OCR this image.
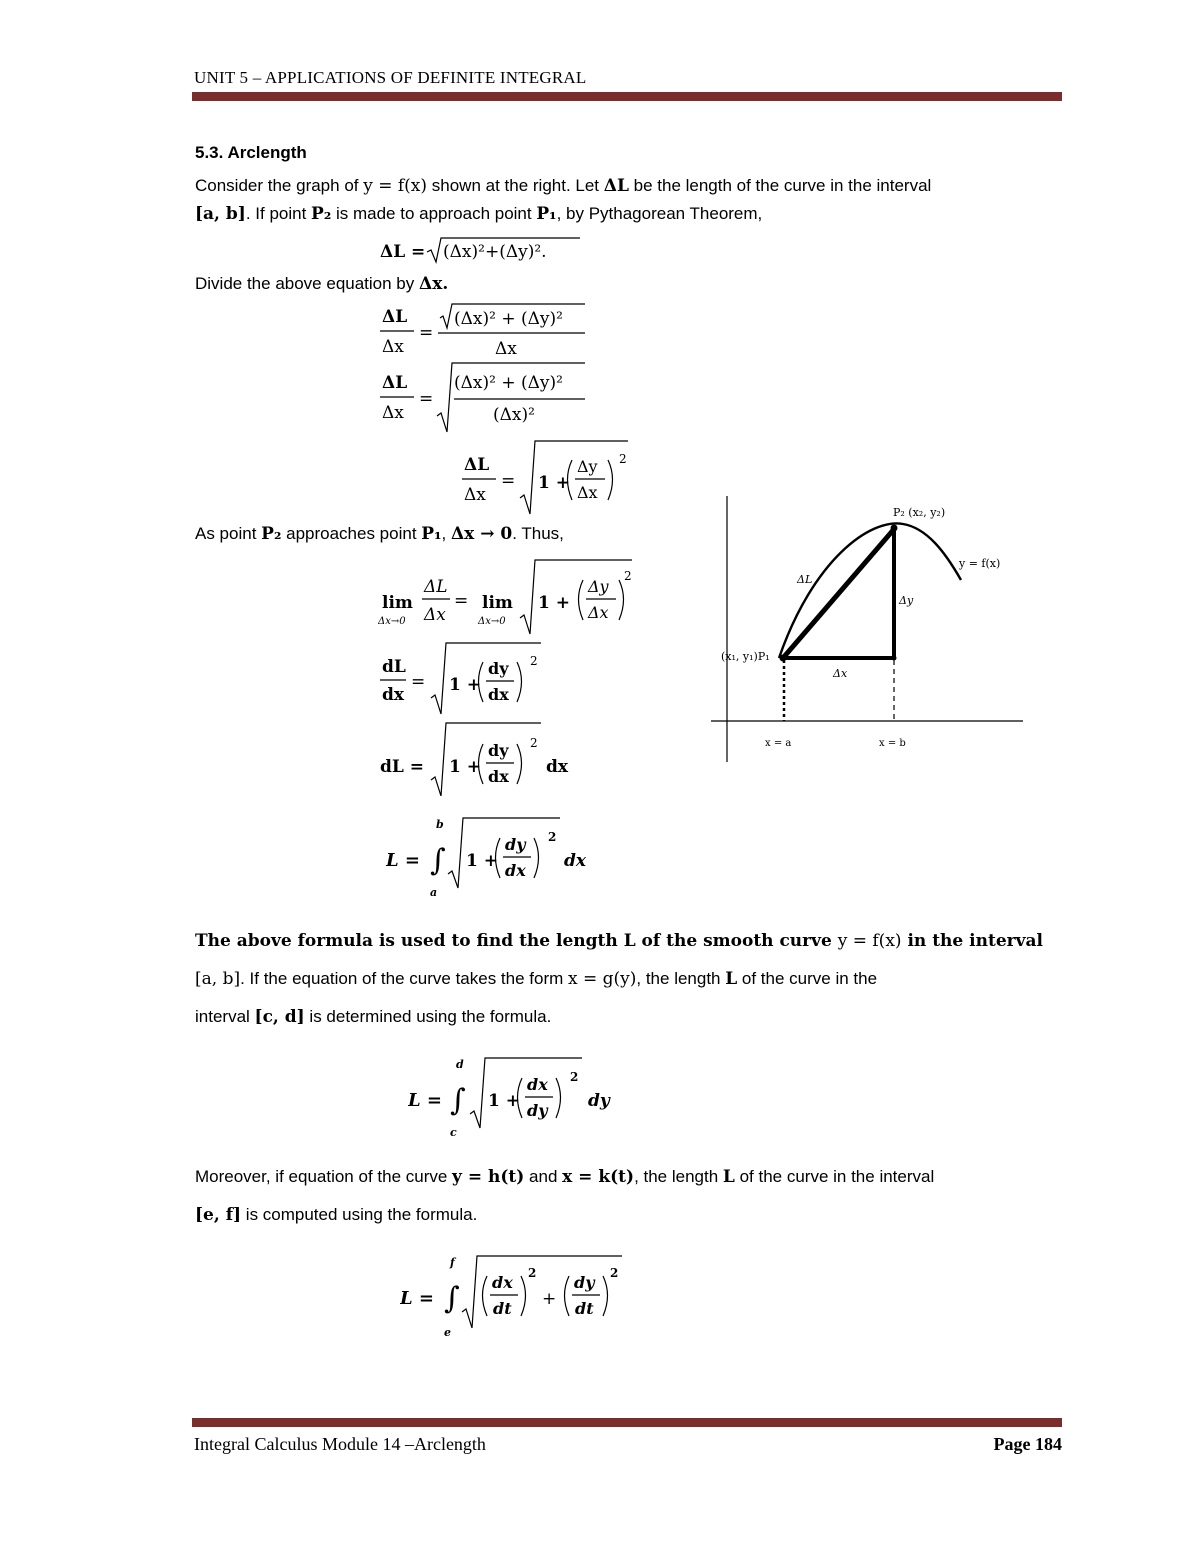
UNIT 5 – APPLICATIONS OF DEFINITE INTEGRAL
5.3. Arclength
Consider the graph of y = f(x) shown at the right. Let ΔL be the length of the curve in the interval
[a, b]. If point P₂ is made to approach point P₁, by Pythagorean Theorem,
ΔL = (Δx)²+(Δy)².
Divide the above equation by Δx.
ΔL
Δx
=
(Δx)² + (Δy)²
Δx
ΔL
Δx
=
(Δx)² + (Δy)²
(Δx)²
ΔL
Δx
= 1 +
Δy
Δx
2
As point P₂ approaches point P₁, Δx → 0. Thus,
lim
Δx→0
ΔL
Δx
= lim
Δx→0
1 +
Δy
Δx
2
dL
dx
= 1 +
dy
dx
2
dL = 1 +
dy
dx
2
dx
L =
b
∫
a
1 +
dy
dx
2
dx
The above formula is used to find the length L of the smooth curve y = f(x) in the interval
[a, b]. If the equation of the curve takes the form x = g(y), the length L of the curve in the
interval [c, d] is determined using the formula.
L =
d
∫
c
1 +
dx
dy
2
dy
Moreover, if equation of the curve y = h(t) and x = k(t), the length L of the curve in the interval
[e, f] is computed using the formula.
L =
f
∫
e
dx
dt
2
+
dy
dt
2
P₂ (x₂, y₂)
y = f(x)
ΔL
Δy
(x₁, y₁)P₁
Δx
x = a	x = b
Integral Calculus Module 14 –Arclength	Page 184
